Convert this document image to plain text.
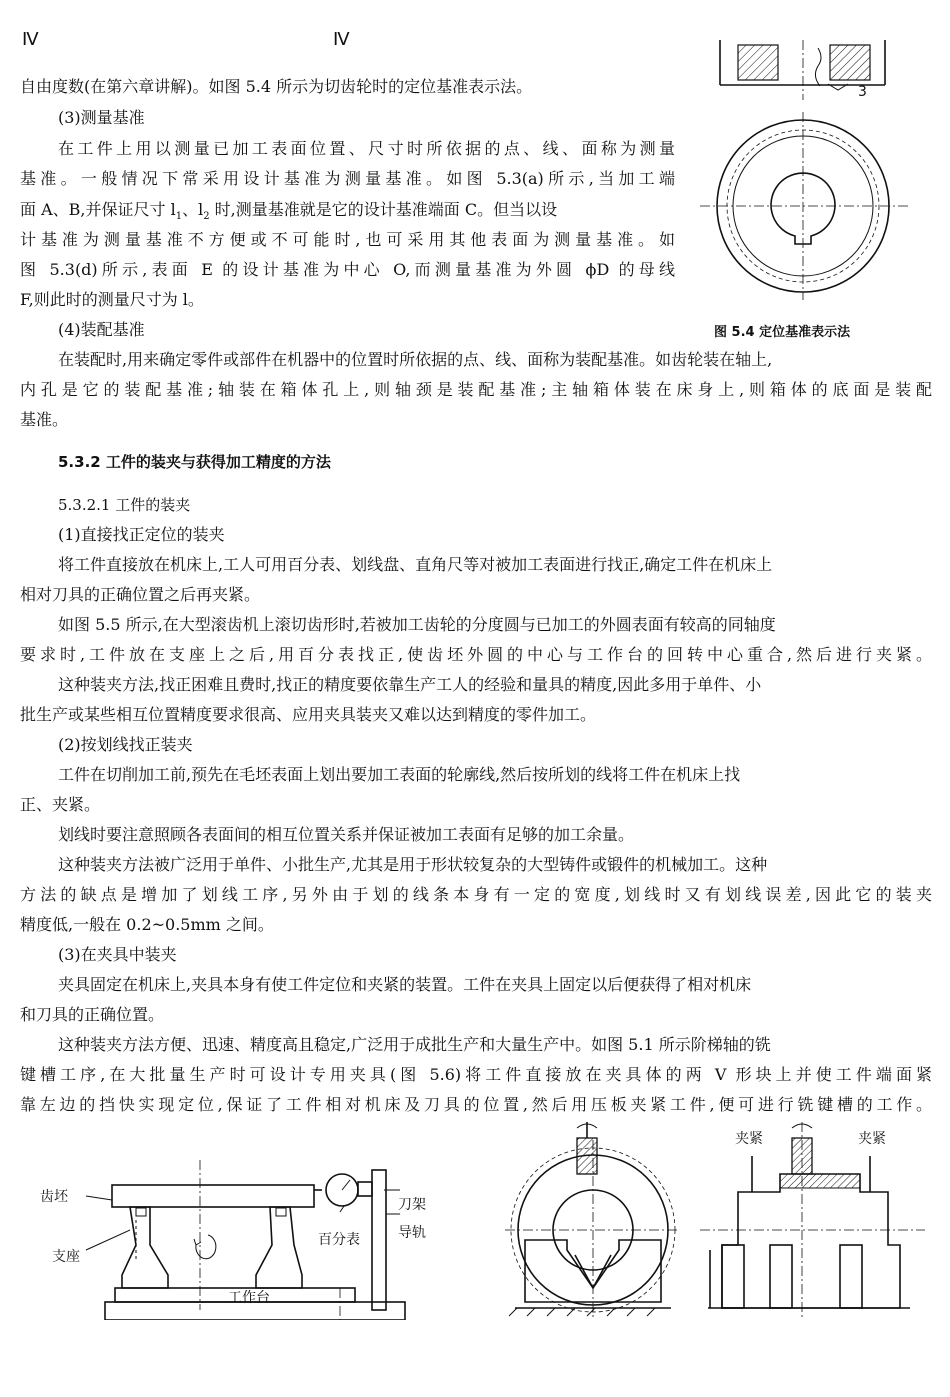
Ⅳ	Ⅳ
自由度数(在第六章讲解)。如图 5.4 所示为切齿轮时的定位基准表示法。
(3)测量基准
在工件上用以测量已加工表面位置、尺寸时所依据的点、线、面称为测量
基准。一般情况下常采用设计基准为测量基准。如图 5.3(a)所示,当加工端
面 A、B,并保证尺寸 $l_1$、$l_2$ 时,测量基准就是它的设计基准端面 C。但当以设
计基准为测量基准不方便或不可能时,也可采用其他表面为测量基准。如
图 5.3(d)所示,表面 E 的设计基准为中心 O,而测量基准为外圆 ϕD 的母线
F,则此时的测量尺寸为 l。
(4)装配基准
3
图 5.4 定位基准表示法
在装配时,用来确定零件或部件在机器中的位置时所依据的点、线、面称为装配基准。如齿轮装在轴上,
内孔是它的装配基准;轴装在箱体孔上,则轴颈是装配基准;主轴箱体装在床身上,则箱体的底面是装配
基准。
5.3.2 工件的装夹与获得加工精度的方法
5.3.2.1 工件的装夹
(1)直接找正定位的装夹
将工件直接放在机床上,工人可用百分表、划线盘、直角尺等对被加工表面进行找正,确定工件在机床上
相对刀具的正确位置之后再夹紧。
如图 5.5 所示,在大型滚齿机上滚切齿形时,若被加工齿轮的分度圆与已加工的外圆表面有较高的同轴度
要求时,工件放在支座上之后,用百分表找正,使齿坯外圆的中心与工作台的回转中心重合,然后进行夹紧。
这种装夹方法,找正困难且费时,找正的精度要依靠生产工人的经验和量具的精度,因此多用于单件、小
批生产或某些相互位置精度要求很高、应用夹具装夹又难以达到精度的零件加工。
(2)按划线找正装夹
工件在切削加工前,预先在毛坯表面上划出要加工表面的轮廓线,然后按所划的线将工件在机床上找
正、夹紧。
划线时要注意照顾各表面间的相互位置关系并保证被加工表面有足够的加工余量。
这种装夹方法被广泛用于单件、小批生产,尤其是用于形状较复杂的大型铸件或锻件的机械加工。这种
方法的缺点是增加了划线工序,另外由于划的线条本身有一定的宽度,划线时又有划线误差,因此它的装夹
精度低,一般在 0.2~0.5mm 之间。
(3)在夹具中装夹
夹具固定在机床上,夹具本身有使工件定位和夹紧的装置。工件在夹具上固定以后便获得了相对机床
和刀具的正确位置。
这种装夹方法方便、迅速、精度高且稳定,广泛用于成批生产和大量生产中。如图 5.1 所示阶梯轴的铣
键槽工序,在大批量生产时可设计专用夹具(图 5.6)将工件直接放在夹具体的两 V 形块上并使工件端面紧
靠左边的挡快实现定位,保证了工件相对机床及刀具的位置,然后用压板夹紧工件,便可进行铣键槽的工作。
齿坯
支座
百分表
刀架
导轨
工作台
夹紧	夹紧
